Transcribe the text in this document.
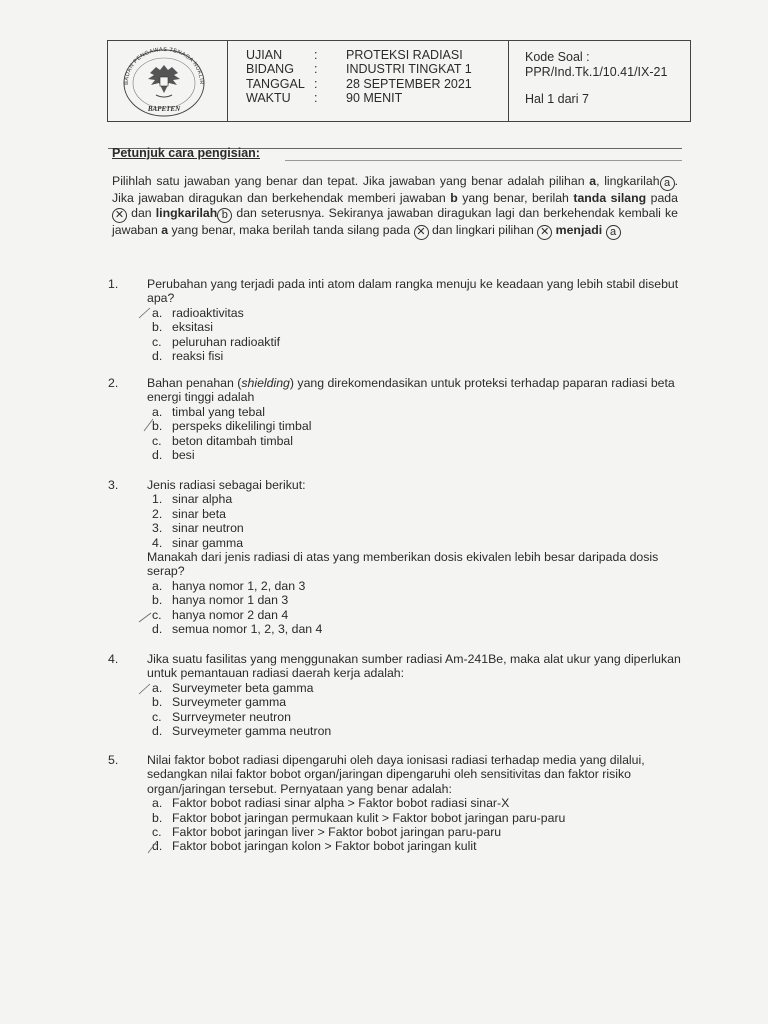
BADAN PENGAWAS TENAGA NUKLIR
BAPETEN
UJIAN	: PROTEKSI RADIASI
BIDANG : INDUSTRI TINGKAT 1
TANGGAL : 28 SEPTEMBER 2021
WAKTU : 90 MENIT
Kode Soal :
PPR/Ind.Tk.1/10.41/IX-21
Hal 1 dari 7
Petunjuk cara pengisian:

Pilihlah satu jawaban yang benar dan tepat. Jika jawaban yang benar adalah pilihan a, lingkarilah a . Jika jawaban diragukan dan berkehendak memberi jawaban b yang benar, berilah tanda silang pada✕ dan lingkarilah b dan seterusnya. Sekiranya jawaban diragukan lagi dan berkehendak kembali ke jawaban a yang benar, maka berilah tanda silang pada ✕ dan lingkari pilihan ✕ menjadi a

1. Perubahan yang terjadi pada inti atom dalam rangka menuju ke keadaan yang lebih stabil disebut apa?

a. radioaktivitas
b. eksitasi
c. peluruhan radioaktif
d. reaksi fisi
2. Bahan penahan (shielding) yang direkomendasikan untuk proteksi terhadap paparan radiasi beta energi tinggi adalah

a. timbal yang tebal
b. perspeks dikelilingi timbal
c. beton ditambah timbal
d. besi
3. Jenis radiasi sebagai berikut:

1. sinar alpha
2. sinar beta
3. sinar neutron
4. sinar gamma

Manakah dari jenis radiasi di atas yang memberikan dosis ekivalen lebih besar daripada dosis serap?

a. hanya nomor 1, 2, dan 3
b. hanya nomor 1 dan 3
c. hanya nomor 2 dan 4
d. semua nomor 1, 2, 3, dan 4
4. Jika suatu fasilitas yang menggunakan sumber radiasi Am-241Be, maka alat ukur yang diperlukan untuk pemantauan radiasi daerah kerja adalah:

a. Surveymeter beta gamma
b. Surveymeter gamma
c. Surrveymeter neutron
d. Surveymeter gamma neutron
5. Nilai faktor bobot radiasi dipengaruhi oleh daya ionisasi radiasi terhadap media yang dilalui, sedangkan nilai faktor bobot organ/jaringan dipengaruhi oleh sensitivitas dan faktor risiko organ/jaringan tersebut. Pernyataan yang benar adalah:

a. Faktor bobot radiasi sinar alpha > Faktor bobot radiasi sinar-X
b. Faktor bobot jaringan permukaan kulit > Faktor bobot jaringan paru-paru
c. Faktor bobot jaringan liver > Faktor bobot jaringan paru-paru
d. Faktor bobot jaringan kolon > Faktor bobot jaringan kulit
